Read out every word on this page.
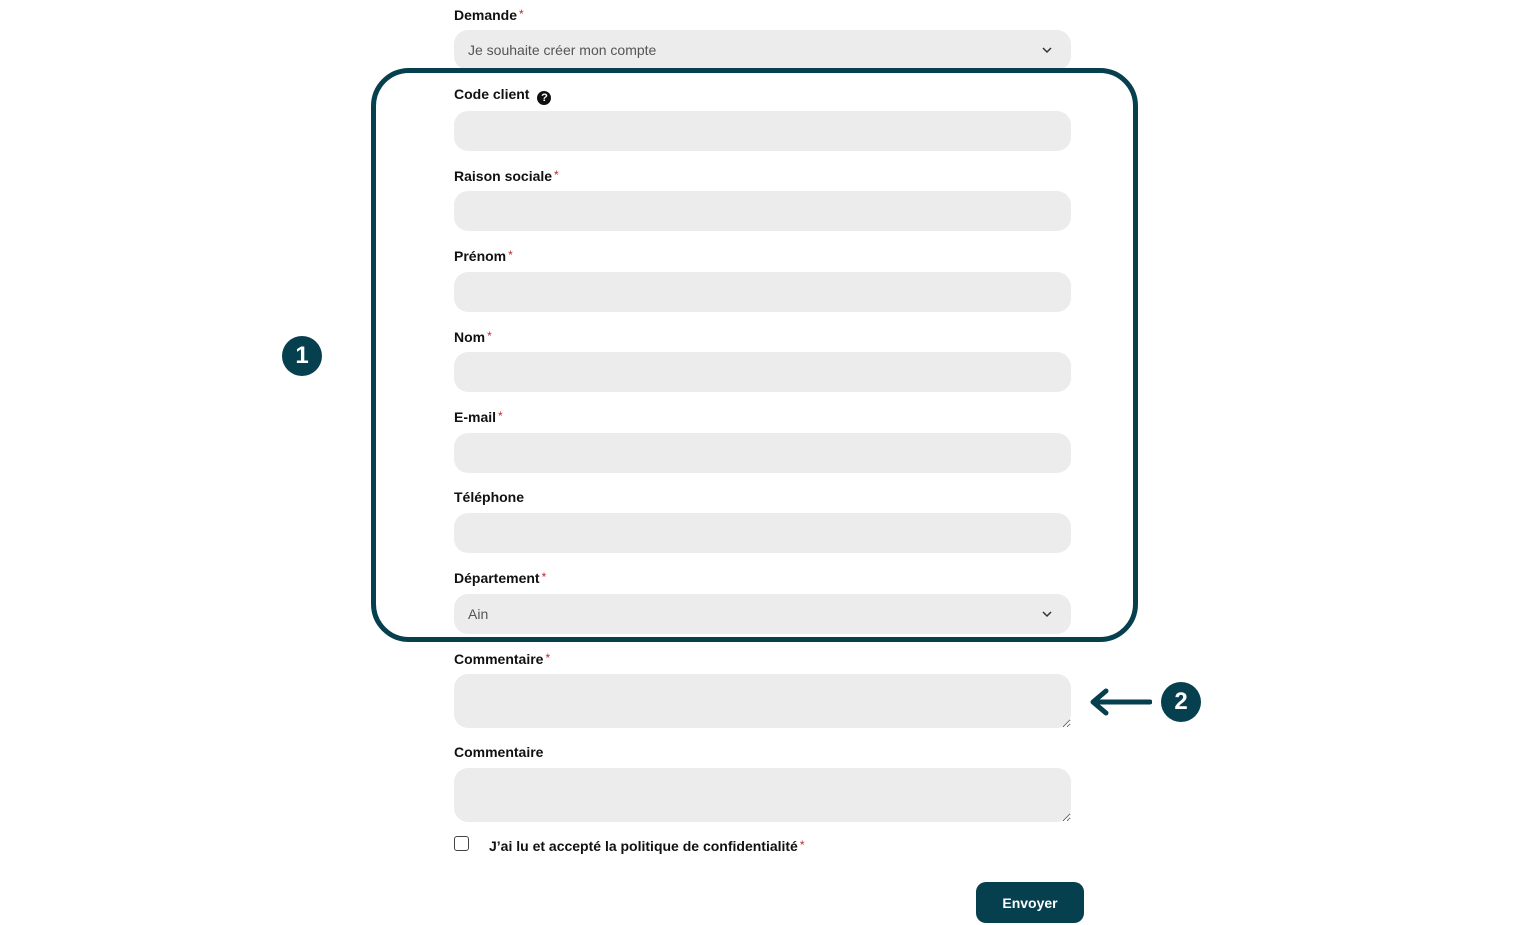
Demande *
Je souhaite créer mon compte
Code client ?
Raison sociale *
Prénom *
Nom *
E-mail *
Téléphone
Département *
Ain
Commentaire *
Commentaire
J’ai lu et accepté la politique de confidentialité *
Envoyer
1
2
